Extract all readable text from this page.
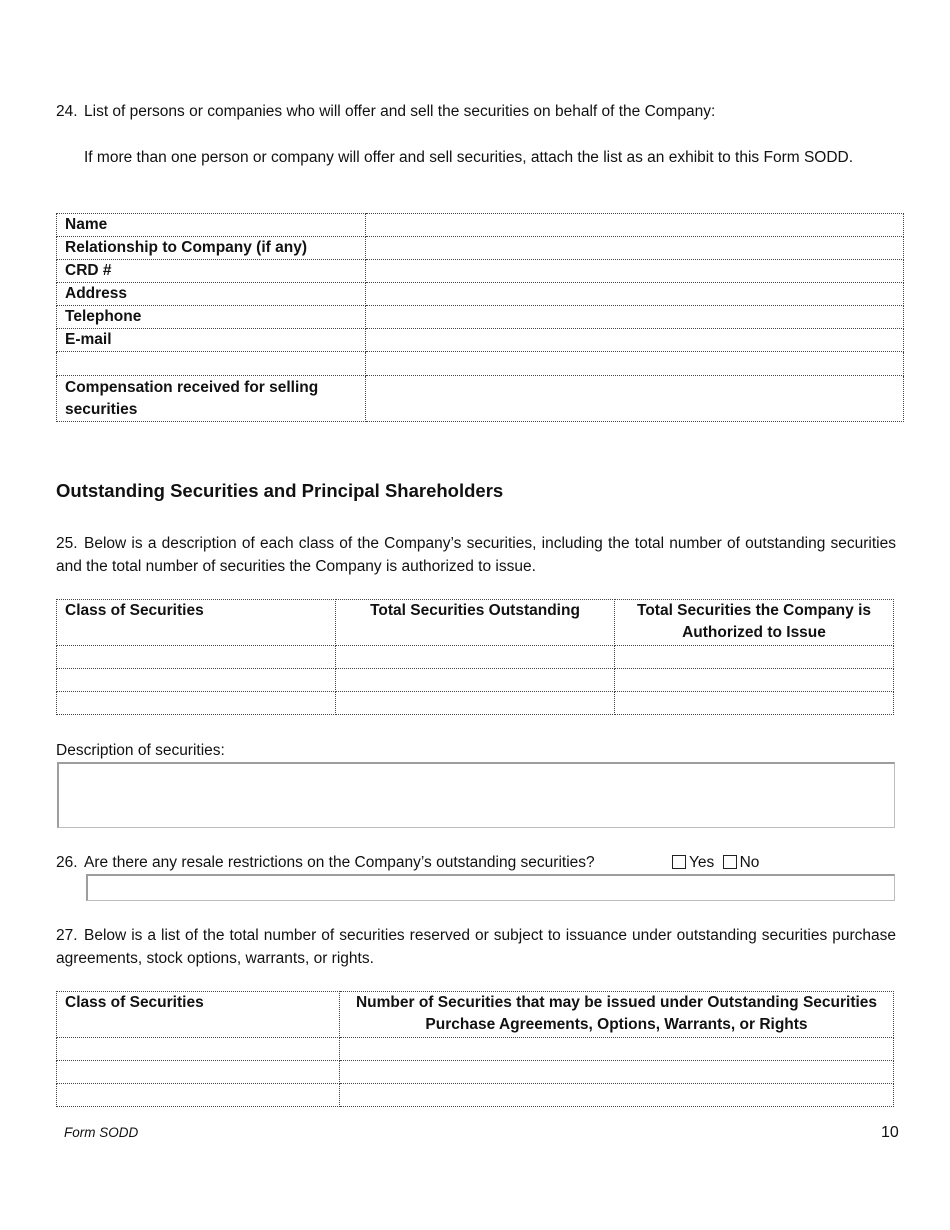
24. List of persons or companies who will offer and sell the securities on behalf of the Company:
If more than one person or company will offer and sell securities, attach the list as an exhibit to this Form SODD.
Name	
Relationship to Company (if any)	
CRD #	
Address	
Telephone	
E-mail	

Compensation received for selling securities	
Outstanding Securities and Principal Shareholders
25. Below is a description of each class of the Company’s securities, including the total number of outstanding securities and the total number of securities the Company is authorized to issue.
Class of Securities	Total Securities Outstanding	Total Securities the Company is Authorized to Issue

Description of securities:
26. Are there any resale restrictions on the Company’s outstanding securities?	Yes No
27. Below is a list of the total number of securities reserved or subject to issuance under outstanding securities purchase agreements, stock options, warrants, or rights.
Class of Securities	Number of Securities that may be issued under Outstanding Securities Purchase Agreements, Options, Warrants, or Rights

Form SODD	10
